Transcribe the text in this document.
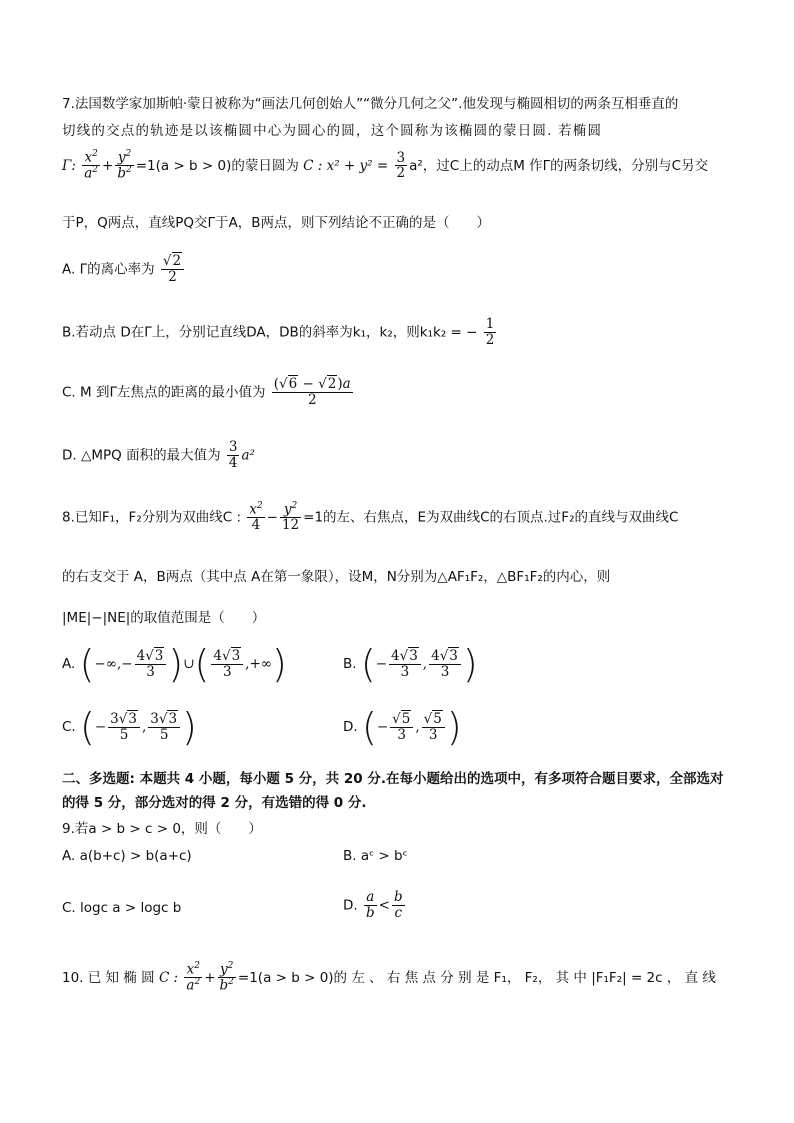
7.法国数学家加斯帕·蒙日被称为“画法几何创始人”“微分几何之父”.他发现与椭圆相切的两条互相垂直的
切线的交点的轨迹是以该椭圆中心为圆心的圆，这个圆称为该椭圆的蒙日圆. 若椭圆
Γ: $\frac{x^2}{a^2} + \frac{y^2}{b^2} =1(a > b > 0)$的蒙日圆为 C : $x^2 + y^2 = \frac{3}{2} a^2$，过C上的动点M 作Γ的两条切线，分别与C另交
于P，Q两点，直线PQ交Γ于A，B两点，则下列结论不正确的是（　　）
A. Γ的离心率为 $\frac{√2}{2}$
B.若动点 D在Γ上，分别记直线DA，DB的斜率为k₁，k₂，则k₁k₂ = − $\frac{1}{2}$
C. M 到Γ左焦点的距离的最小值为 $\frac{(√6 - √2)a}{2}$
D. △MPQ 面积的最大值为 $\frac{3}{4} a^2$
8.已知F₁，F₂分别为双曲线C : $\frac{x^2}{4} - \frac{y^2}{12} =1$的左、右焦点，E为双曲线C的右顶点.过F₂的直线与双曲线C
的右支交于 A，B两点（其中点 A在第一象限），设M，N分别为△AF₁F₂，△BF₁F₂的内心，则
|ME|−|NE|的取值范围是（　　）
A. (−∞,− $\frac{4√3}{3}$ )∪( $\frac{4√3}{3}$ ,+∞)	B. (− $\frac{4√3}{3}$ , $\frac{4√3}{3}$ )
C. (− $\frac{3√3}{5}$ , $\frac{3√3}{5}$ )	D. (− $\frac{√5}{3}$ , $\frac{√5}{3}$ )
二、多选题: 本题共 4 小题，每小题 5 分，共 20 分.在每小题给出的选项中，有多项符合题目要求，全部选对
的得 5 分，部分选对的得 2 分，有选错的得 0 分.
9.若a > b > c > 0，则（　　）
A. a(b+c) > b(a+c)	B. aᶜ > bᶜ
C. logc a > logc b	D. $\frac{a}{b} < \frac{b}{c}$
10. 已 知 椭 圆 C : $\frac{x^2}{a^2} + \frac{y^2}{b^2} =1(a > b > 0)$的 左 、 右 焦 点 分 别 是 F₁， F₂， 其 中 |F₁F₂| = 2c ， 直 线
